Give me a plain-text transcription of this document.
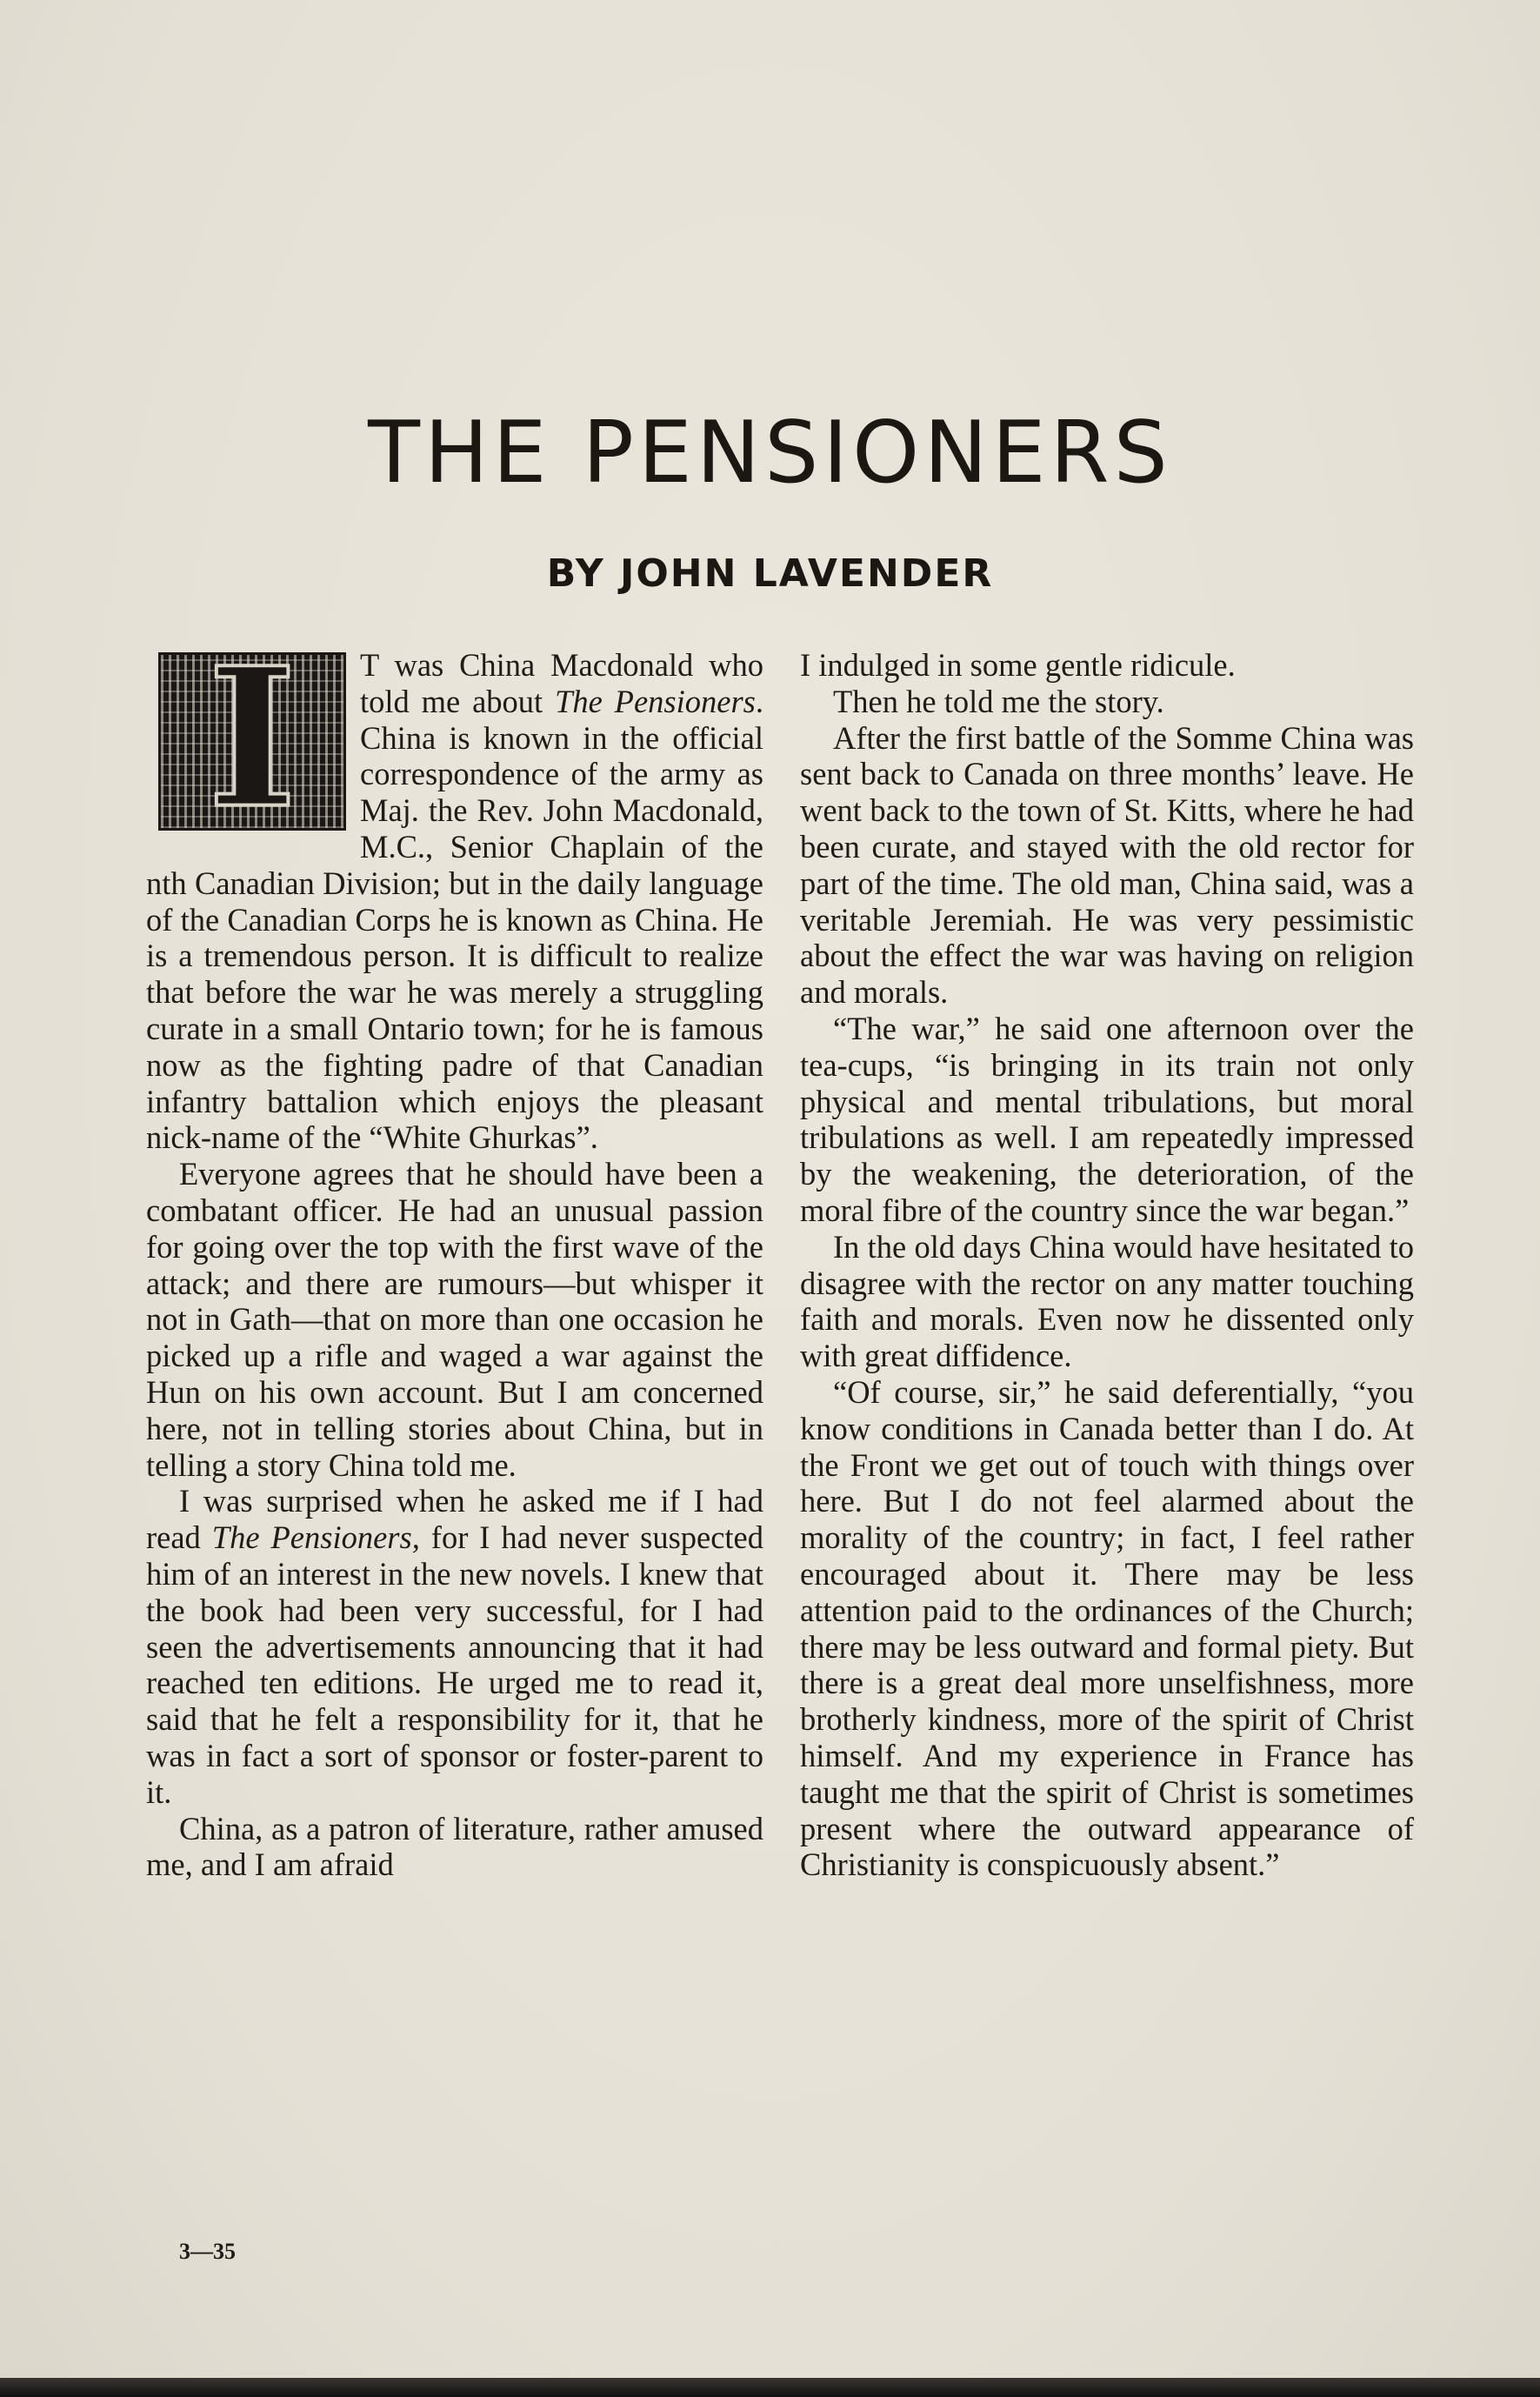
THE PENSIONERS
BY JOHN LAVENDER
I	T was China Macdonald who told me about The Pensioners. China is known in the official correspondence of the army as Maj. the Rev. John Macdonald, M.C., Senior Chaplain of the nth Canadian Division; but in the daily language of the Canadian Corps he is known as China. He is a tremendous person. It is difficult to realize that before the war he was merely a struggling curate in a small Ontario town; for he is famous now as the fighting padre of that Canadian infantry battalion which enjoys the pleasant nick-name of the “White Ghurkas”.

Everyone agrees that he should have been a combatant officer. He had an unusual passion for going over the top with the first wave of the attack; and there are rumours—but whisper it not in Gath—that on more than one occasion he picked up a rifle and waged a war against the Hun on his own account. But I am concerned here, not in telling stories about China, but in telling a story China told me.

I was surprised when he asked me if I had read The Pensioners, for I had never suspected him of an interest in the new novels. I knew that the book had been very successful, for I had seen the advertisements announcing that it had reached ten editions. He urged me to read it, said that he felt a responsibility for it, that he was in fact a sort of sponsor or foster-parent to it.

China, as a patron of literature, rather amused me, and I am afraid

I indulged in some gentle ridicule.

Then he told me the story.

After the first battle of the Somme China was sent back to Canada on three months’ leave. He went back to the town of St. Kitts, where he had been curate, and stayed with the old rector for part of the time. The old man, China said, was a veritable Jeremiah. He was very pessimistic about the effect the war was having on religion and morals.

“The war,” he said one afternoon over the tea-cups, “is bringing in its train not only physical and mental tribulations, but moral tribulations as well. I am repeatedly impressed by the weakening, the deterioration, of the moral fibre of the country since the war began.”

In the old days China would have hesitated to disagree with the rector on any matter touching faith and morals. Even now he dissented only with great diffidence.

“Of course, sir,” he said deferentially, “you know conditions in Canada better than I do. At the Front we get out of touch with things over here. But I do not feel alarmed about the morality of the country; in fact, I feel rather encouraged about it. There may be less attention paid to the ordinances of the Church; there may be less outward and formal piety. But there is a great deal more unselfishness, more brotherly kindness, more of the spirit of Christ himself. And my experience in France has taught me that the spirit of Christ is sometimes present where the outward appearance of Christianity is conspicuously absent.”

3—35
